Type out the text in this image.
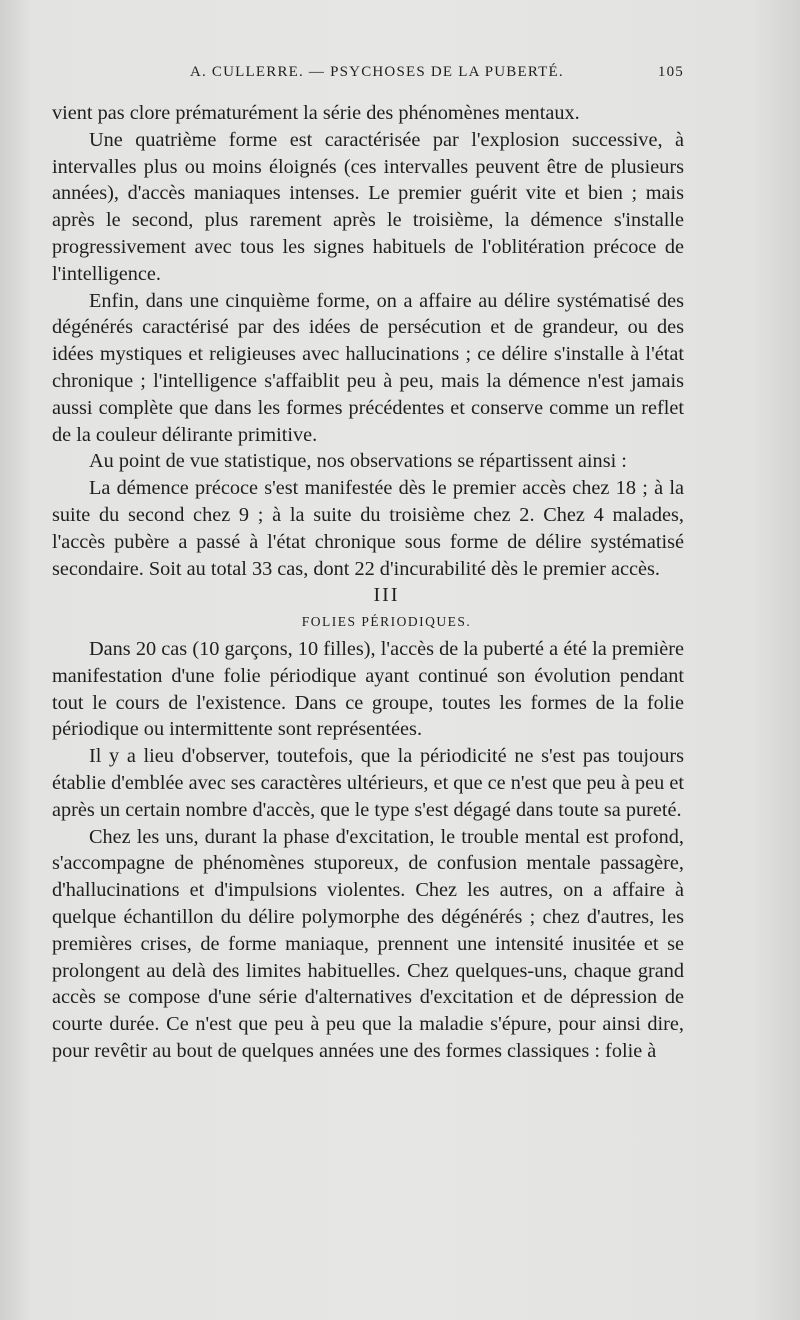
A. CULLERRE. — PSYCHOSES DE LA PUBERTÉ.	105

vient pas clore prématurément la série des phénomènes mentaux.

Une quatrième forme est caractérisée par l'explosion successive, à intervalles plus ou moins éloignés (ces intervalles peuvent être de plusieurs années), d'accès maniaques intenses. Le premier guérit vite et bien ; mais après le second, plus rarement après le troisième, la démence s'installe progressivement avec tous les signes habituels de l'oblitération précoce de l'intelligence.

Enfin, dans une cinquième forme, on a affaire au délire systématisé des dégénérés caractérisé par des idées de persécution et de grandeur, ou des idées mystiques et religieuses avec hallucinations ; ce délire s'installe à l'état chronique ; l'intelligence s'affaiblit peu à peu, mais la démence n'est jamais aussi complète que dans les formes précédentes et conserve comme un reflet de la couleur délirante primitive.

Au point de vue statistique, nos observations se répartissent ainsi :

La démence précoce s'est manifestée dès le premier accès chez 18 ; à la suite du second chez 9 ; à la suite du troisième chez 2. Chez 4 malades, l'accès pubère a passé à l'état chronique sous forme de délire systématisé secondaire. Soit au total 33 cas, dont 22 d'incurabilité dès le premier accès.

III

FOLIES PÉRIODIQUES.

Dans 20 cas (10 garçons, 10 filles), l'accès de la puberté a été la première manifestation d'une folie périodique ayant continué son évolution pendant tout le cours de l'existence. Dans ce groupe, toutes les formes de la folie périodique ou intermittente sont représentées.

Il y a lieu d'observer, toutefois, que la périodicité ne s'est pas toujours établie d'emblée avec ses caractères ultérieurs, et que ce n'est que peu à peu et après un certain nombre d'accès, que le type s'est dégagé dans toute sa pureté.

Chez les uns, durant la phase d'excitation, le trouble mental est profond, s'accompagne de phénomènes stuporeux, de confusion mentale passagère, d'hallucinations et d'impulsions violentes. Chez les autres, on a affaire à quelque échantillon du délire polymorphe des dégénérés ; chez d'autres, les premières crises, de forme maniaque, prennent une intensité inusitée et se prolongent au delà des limites habituelles. Chez quelques-uns, chaque grand accès se compose d'une série d'alternatives d'excitation et de dépression de courte durée. Ce n'est que peu à peu que la maladie s'épure, pour ainsi dire, pour revêtir au bout de quelques années une des formes classiques : folie à
